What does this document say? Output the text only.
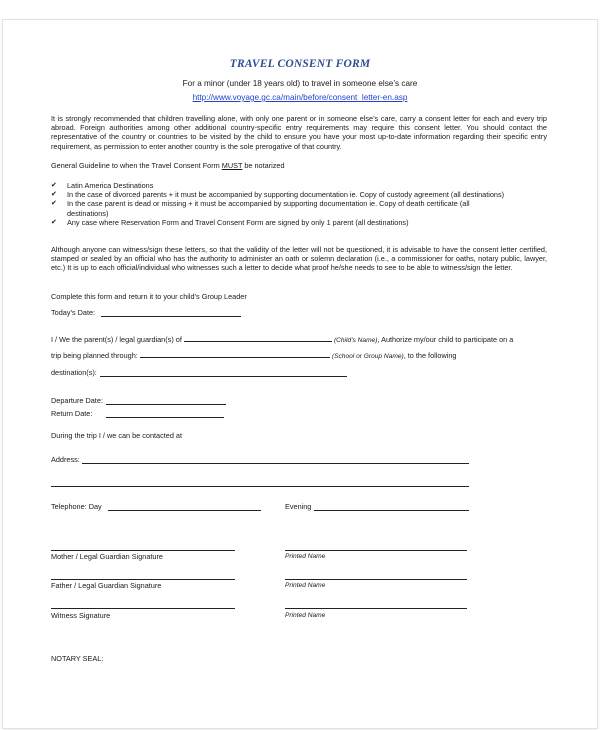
TRAVEL CONSENT FORM
For a minor (under 18 years old) to travel in someone else’s care
http://www.voyage.gc.ca/main/before/consent_letter-en.asp
It is strongly recommended that children travelling alone, with only one parent or in someone else’s care, carry a consent letter for each and every trip abroad. Foreign authorities among other additional country-specific entry requirements may require this consent letter. You should contact the representative of the country or countries to be visited by the child to ensure you have your most up-to-date information regarding their specific entry requirement, as permission to enter another country is the sole prerogative of that country.
General Guideline to when the Travel Consent Form MUST be notarized
✔ Latin America Destinations
✔ In the case of divorced parents + it must be accompanied by supporting documentation ie. Copy of custody agreement (all destinations)
✔ In the case parent is dead or missing + it must be accompanied by supporting documentation ie. Copy of death certificate (all destinations)
✔ Any case where Reservation Form and Travel Consent Form are signed by only 1 parent (all destinations)
Although anyone can witness/sign these letters, so that the validity of the letter will not be questioned, it is advisable to have the consent letter certified, stamped or sealed by an official who has the authority to administer an oath or solemn declaration (i.e., a commissioner for oaths, notary public, lawyer, etc.) It is up to each official/individual who witnesses such a letter to decide what proof he/she needs to see to be able to witness/sign the letter.
Complete this form and return it to your child’s Group Leader
Today’s Date:
I / We the parent(s) / legal guardian(s) of	(Child’s Name), Authorize my/our child to participate on a
trip being planned through:	(School or Group Name), to the following
destination(s):
Departure Date:
Return Date:
During the trip I / we can be contacted at
Address:
Telephone: Day	Evening
Mother / Legal Guardian Signature	Printed Name
Father / Legal Guardian Signature	Printed Name
Witness Signature	Printed Name
NOTARY SEAL:
